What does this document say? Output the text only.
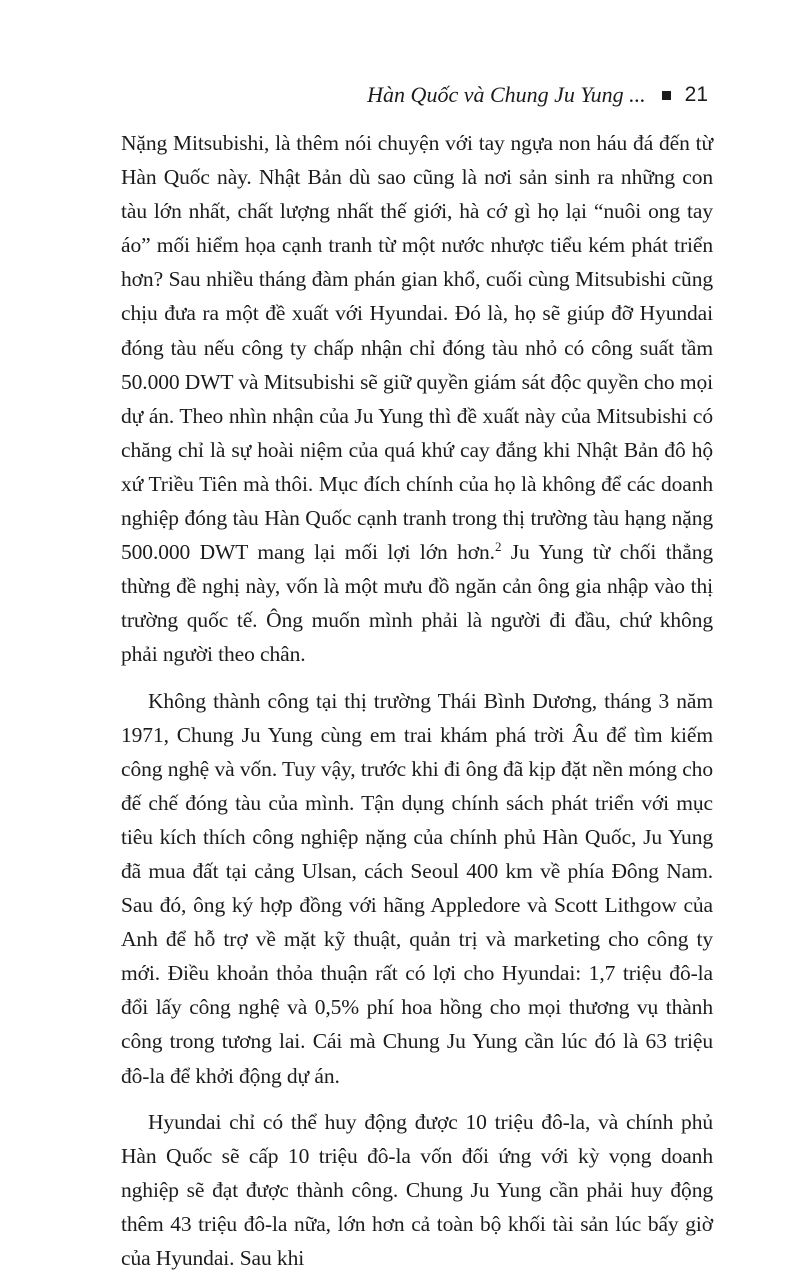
Hàn Quốc và Chung Ju Yung ... 21

Nặng Mitsubishi, là thêm nói chuyện với tay ngựa non háu đá đến từ Hàn Quốc này. Nhật Bản dù sao cũng là nơi sản sinh ra những con tàu lớn nhất, chất lượng nhất thế giới, hà cớ gì họ lại “nuôi ong tay áo” mối hiểm họa cạnh tranh từ một nước nhược tiểu kém phát triển hơn? Sau nhiều tháng đàm phán gian khổ, cuối cùng Mitsubishi cũng chịu đưa ra một đề xuất với Hyundai. Đó là, họ sẽ giúp đỡ Hyundai đóng tàu nếu công ty chấp nhận chỉ đóng tàu nhỏ có công suất tầm 50.000 DWT và Mitsubishi sẽ giữ quyền giám sát độc quyền cho mọi dự án. Theo nhìn nhận của Ju Yung thì đề xuất này của Mitsubishi có chăng chỉ là sự hoài niệm của quá khứ cay đắng khi Nhật Bản đô hộ xứ Triều Tiên mà thôi. Mục đích chính của họ là không để các doanh nghiệp đóng tàu Hàn Quốc cạnh tranh trong thị trường tàu hạng nặng 500.000 DWT mang lại mối lợi lớn hơn.$^2$ Ju Yung từ chối thẳng thừng đề nghị này, vốn là một mưu đồ ngăn cản ông gia nhập vào thị trường quốc tế. Ông muốn mình phải là người đi đầu, chứ không phải người theo chân.

Không thành công tại thị trường Thái Bình Dương, tháng 3 năm 1971, Chung Ju Yung cùng em trai khám phá trời Âu để tìm kiếm công nghệ và vốn. Tuy vậy, trước khi đi ông đã kịp đặt nền móng cho đế chế đóng tàu của mình. Tận dụng chính sách phát triển với mục tiêu kích thích công nghiệp nặng của chính phủ Hàn Quốc, Ju Yung đã mua đất tại cảng Ulsan, cách Seoul 400 km về phía Đông Nam. Sau đó, ông ký hợp đồng với hãng Appledore và Scott Lithgow của Anh để hỗ trợ về mặt kỹ thuật, quản trị và marketing cho công ty mới. Điều khoản thỏa thuận rất có lợi cho Hyundai: 1,7 triệu đô-la đổi lấy công nghệ và 0,5% phí hoa hồng cho mọi thương vụ thành công trong tương lai. Cái mà Chung Ju Yung cần lúc đó là 63 triệu đô-la để khởi động dự án.

Hyundai chỉ có thể huy động được 10 triệu đô-la, và chính phủ Hàn Quốc sẽ cấp 10 triệu đô-la vốn đối ứng với kỳ vọng doanh nghiệp sẽ đạt được thành công. Chung Ju Yung cần phải huy động thêm 43 triệu đô-la nữa, lớn hơn cả toàn bộ khối tài sản lúc bấy giờ của Hyundai. Sau khi
